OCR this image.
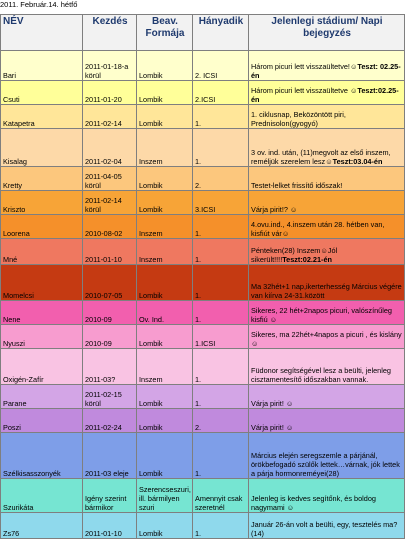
2011. Február.14. hétfő
NÉV	Kezdés	Beav. Formája	Hányadik	Jelenlegi stádium/ Napi bejegyzés
Bari	2011-01-18-a körül	Lombik	2. ICSI	Három picuri lett visszaültetve!☺Teszt: 02.25-én
Csuti	2011-01-20	Lombik	2.ICSI	Három picuri lett visszaültetve ☺Teszt:02.25-én
Katapetra	2011-02-14	Lombik	1.	1. ciklusnap, Beközöntött piri, Prednisolon(gyogyó)
Kisalag	2011-02-04	Inszem	1.	3 ov. ind. után, (11)megvolt az első inszem, reméljük szerelem lesz☺Teszt:03.04-én
Kretty	2011-04-05 körül	Lombik	2.	Testet-lelket frissítő időszak!
Kriszto	2011-02-14 körül	Lombik	3.ICSI	Várja pirit!? ☺
Loorena	2010-08-02	Inszem	1.	4.ovu.ind., 4.inszem után 28. hétben van, kisfiút vár☺
Mné	2011-01-10	Inszem	1.	Pénteken(28) Inszem☺Jól sikerült!!!!Teszt:02.21-én
Momelcsi	2010-07-05	Lombik	1.	Ma 32hét+1 nap,ikerterhesség Március végére van kiírva 24-31.között
Nene	2010-09	Ov. Ind.	1.	Sikeres, 22 hét+2napos picuri, valószínűleg kisfiú ☺
Nyuszi	2010-09	Lombik	1.ICSI	Sikeres, ma 22hét+4napos a picuri , és kislány☺
Oxigén-Zafír	2011-03?	Inszem	1.	Füdonor segítségével lesz a beülti, jelenleg cisztamentesítő időszakban vannak.
Parane	2011-02-15 körül	Lombik	1.	Várja pirit! ☺
Poszi	2011-02-24	Lombik	2.	Várja pirit! ☺
Szélkisasszonyék	2011-03 eleje	Lombik	1.	Március elején seregszemle a párjánál, örökbefogadó szülők lettek…várnak, jók lettek a párja hormonreméyei(28)
Szurikáta	Igény szerint bármikor	Szerencseszuri, ill. bármilyen szuri	Amennyit csak szeretnél	Jelenleg is kedves segítőnk, és boldog nagymami ☺
Zs76	2011-01-10	Lombik	1.	Január 26-án volt a beülti, egy, tesztelés ma?(14)
